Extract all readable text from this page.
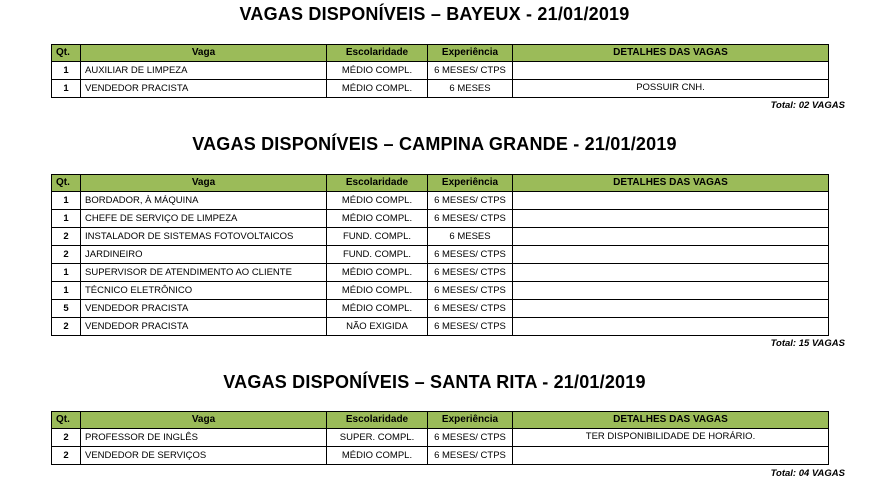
VAGAS DISPONÍVEIS – BAYEUX - 21/01/2019
Qt.	Vaga	Escolaridade	Experiência	DETALHES DAS VAGAS
1	AUXILIAR DE LIMPEZA	MÉDIO COMPL.	6 MESES/ CTPS	
1	VENDEDOR PRACISTA	MÉDIO COMPL.	6 MESES	POSSUIR CNH.
Total: 02 VAGAS
VAGAS DISPONÍVEIS – CAMPINA GRANDE - 21/01/2019
Qt.	Vaga	Escolaridade	Experiência	DETALHES DAS VAGAS
1	BORDADOR, À MÁQUINA	MÉDIO COMPL.	6 MESES/ CTPS	
1	CHEFE DE SERVIÇO DE LIMPEZA	MÉDIO COMPL.	6 MESES/ CTPS	
2	INSTALADOR DE SISTEMAS FOTOVOLTAICOS	FUND. COMPL.	6 MESES	
2	JARDINEIRO	FUND. COMPL.	6 MESES/ CTPS	
1	SUPERVISOR DE ATENDIMENTO AO CLIENTE	MÉDIO COMPL.	6 MESES/ CTPS	
1	TÉCNICO ELETRÔNICO	MÉDIO COMPL.	6 MESES/ CTPS	
5	VENDEDOR PRACISTA	MÉDIO COMPL.	6 MESES/ CTPS	
2	VENDEDOR PRACISTA	NÃO EXIGIDA	6 MESES/ CTPS	
Total: 15 VAGAS
VAGAS DISPONÍVEIS – SANTA RITA - 21/01/2019
Qt.	Vaga	Escolaridade	Experiência	DETALHES DAS VAGAS
2	PROFESSOR DE INGLÊS	SUPER. COMPL.	6 MESES/ CTPS	TER DISPONIBILIDADE DE HORÁRIO.
2	VENDEDOR DE SERVIÇOS	MÉDIO COMPL.	6 MESES/ CTPS	
Total: 04 VAGAS
